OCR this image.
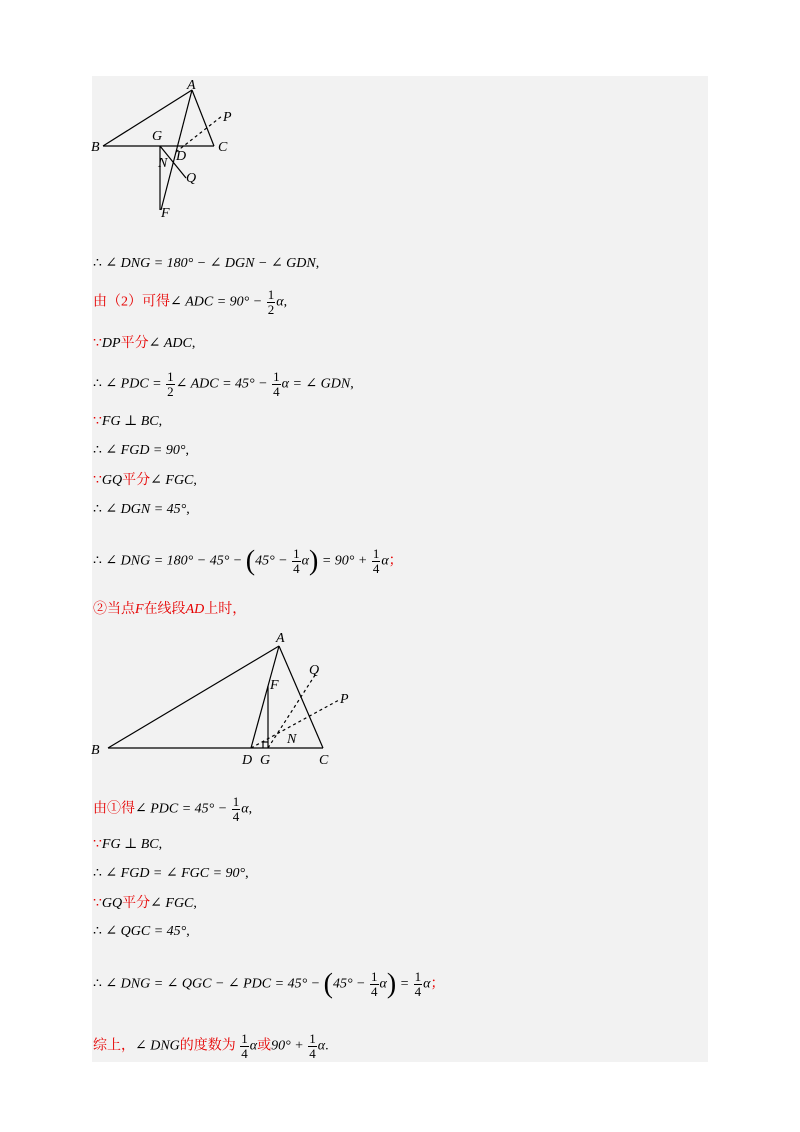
A
B	C
D
G
P
N
Q
F
∴ ∠ DNG = 180° − ∠ DGN − ∠ GDN,
由（2）可得∠ ADC = $90^\circ - \frac{1}{2} \alpha$,
∵DP平分∠ ADC,
∴ ∠ PDC = $\frac{1}{2}$ ∠ ADC = $45^\circ - \frac{1}{4}$ α = ∠ GDN,
∵FG ⊥ BC,
∴ ∠ FGD = 90°,
∵GQ平分∠ FGC,
∴ ∠ DGN = 45°,
∴ ∠ DNG = $180^\circ - 45^\circ - (45^\circ - \frac{1}{4} \alpha) = 90^\circ + \frac{1}{4}$ α；
②当点F在线段AD上时，
A
B
C
D G
P
N
Q
F
由①得∠ PDC = $45^\circ - \frac{1}{4} \alpha$,
∵FG ⊥ BC,
∴ ∠ FGD = ∠ FGC = 90°,
∵GQ平分∠ FGC,
∴ ∠ QGC = 45°,
∴ ∠ DNG = ∠ QGC − ∠ PDC = $45^\circ - (45^\circ - \frac{1}{4} \alpha) = \frac{1}{4}$ α；
综上，∠ DNG的度数为 $\frac{1}{4}$ α或$90^\circ + \frac{1}{4} \alpha$.
